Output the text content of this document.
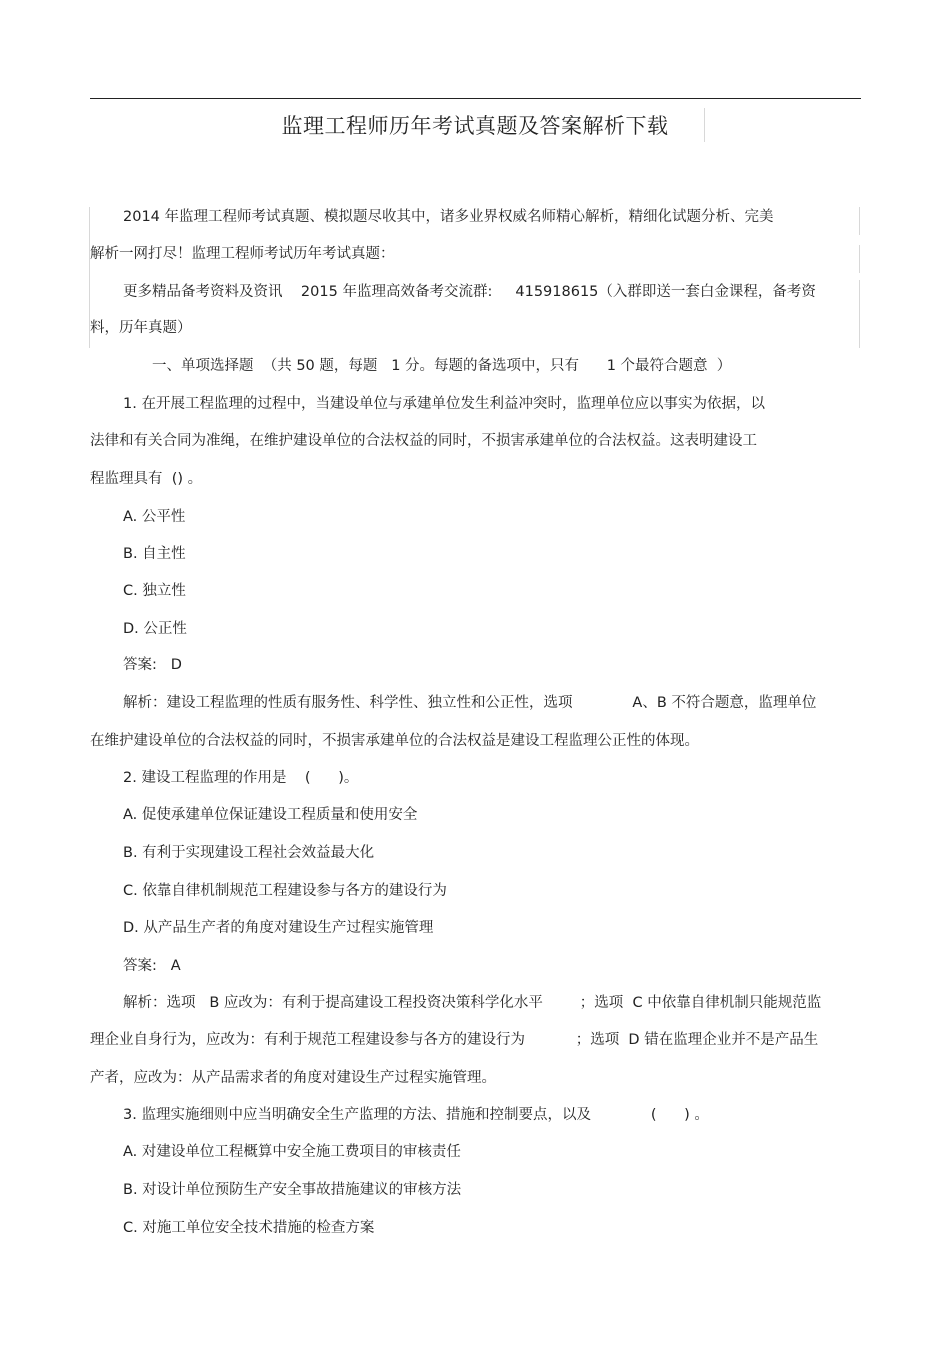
监理工程师历年考试真题及答案解析下载
2014 年监理工程师考试真题、模拟题尽收其中，诸多业界权威名师精心解析，精细化试题分析、完美
解析一网打尽！监理工程师考试历年考试真题：
更多精品备考资料及资讯    2015 年监理高效备考交流群:     415918615（入群即送一套白金课程，备考资
料，历年真题）
一、单项选择题  （共 50 题，每题   1 分。每题的备选项中，只有      1 个最符合题意  ）
1. 在开展工程监理的过程中，当建设单位与承建单位发生利益冲突时，监理单位应以事实为依据，以
法律和有关合同为准绳，在维护建设单位的合法权益的同时，不损害承建单位的合法权益。这表明建设工
程监理具有  () 。
A. 公平性
B. 自主性
C. 独立性
D. 公正性
答案:   D
解析：建设工程监理的性质有服务性、科学性、独立性和公正性，选项             A、B 不符合题意，监理单位
在维护建设单位的合法权益的同时，不损害承建单位的合法权益是建设工程监理公正性的体现。
2. 建设工程监理的作用是    (      )。
A. 促使承建单位保证建设工程质量和使用安全
B. 有利于实现建设工程社会效益最大化
C. 依靠自律机制规范工程建设参与各方的建设行为
D. 从产品生产者的角度对建设生产过程实施管理
答案:   A
解析：选项   B 应改为：有利于提高建设工程投资决策科学化水平        ；选项  C 中依靠自律机制只能规范监
理企业自身行为，应改为：有利于规范工程建设参与各方的建设行为           ；选项  D 错在监理企业并不是产品生
产者，应改为：从产品需求者的角度对建设生产过程实施管理。
3. 监理实施细则中应当明确安全生产监理的方法、措施和控制要点，以及             (      ) 。
A. 对建设单位工程概算中安全施工费项目的审核责任
B. 对设计单位预防生产安全事故措施建议的审核方法
C. 对施工单位安全技术措施的检查方案
